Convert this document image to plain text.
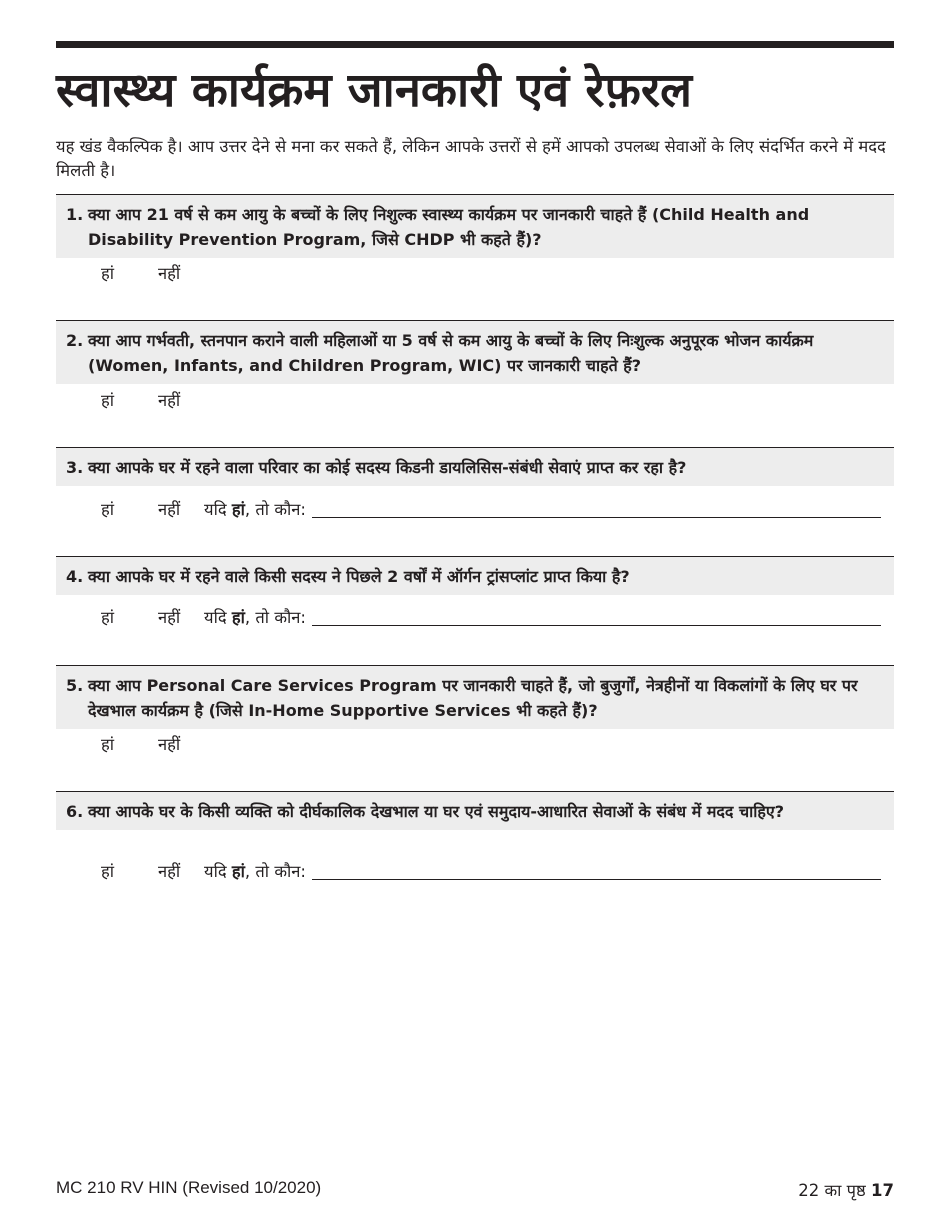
स्वास्थ्य कार्यक्रम जानकारी एवं रेफ़रल

यह खंड वैकल्पिक है। आप उत्तर देने से मना कर सकते हैं, लेकिन आपके उत्तरों से हमें आपको उपलब्ध सेवाओं के लिए संदर्भित करने में मदद मिलती है।

1. क्या आप 21 वर्ष से कम आयु के बच्चों के लिए निशुल्क स्वास्थ्य कार्यक्रम पर जानकारी चाहते हैं (Child Health and Disability Prevention Program, जिसे CHDP भी कहते हैं)?
हां	नहीं
2. क्या आप गर्भवती, स्तनपान कराने वाली महिलाओं या 5 वर्ष से कम आयु के बच्चों के लिए निःशुल्क अनुपूरक भोजन कार्यक्रम (Women, Infants, and Children Program, WIC) पर जानकारी चाहते हैं?
हां	नहीं
3. क्या आपके घर में रहने वाला परिवार का कोई सदस्य किडनी डायलिसिस-संबंधी सेवाएं प्राप्त कर रहा है?
हां	नहीं	यदि हां, तो कौन:
4. क्या आपके घर में रहने वाले किसी सदस्य ने पिछले 2 वर्षों में ऑर्गन ट्रांसप्लांट प्राप्त किया है?
हां	नहीं	यदि हां, तो कौन:
5. क्या आप Personal Care Services Program पर जानकारी चाहते हैं, जो बुजुर्गों, नेत्रहीनों या विकलांगों के लिए घर पर देखभाल कार्यक्रम है (जिसे In-Home Supportive Services भी कहते हैं)?
हां	नहीं
6. क्या आपके घर के किसी व्यक्ति को दीर्घकालिक देखभाल या घर एवं समुदाय-आधारित सेवाओं के संबंध में मदद चाहिए?
हां	नहीं	यदि हां, तो कौन:
MC 210 RV HIN (Revised 10/2020)	22 का पृष्ठ 17
